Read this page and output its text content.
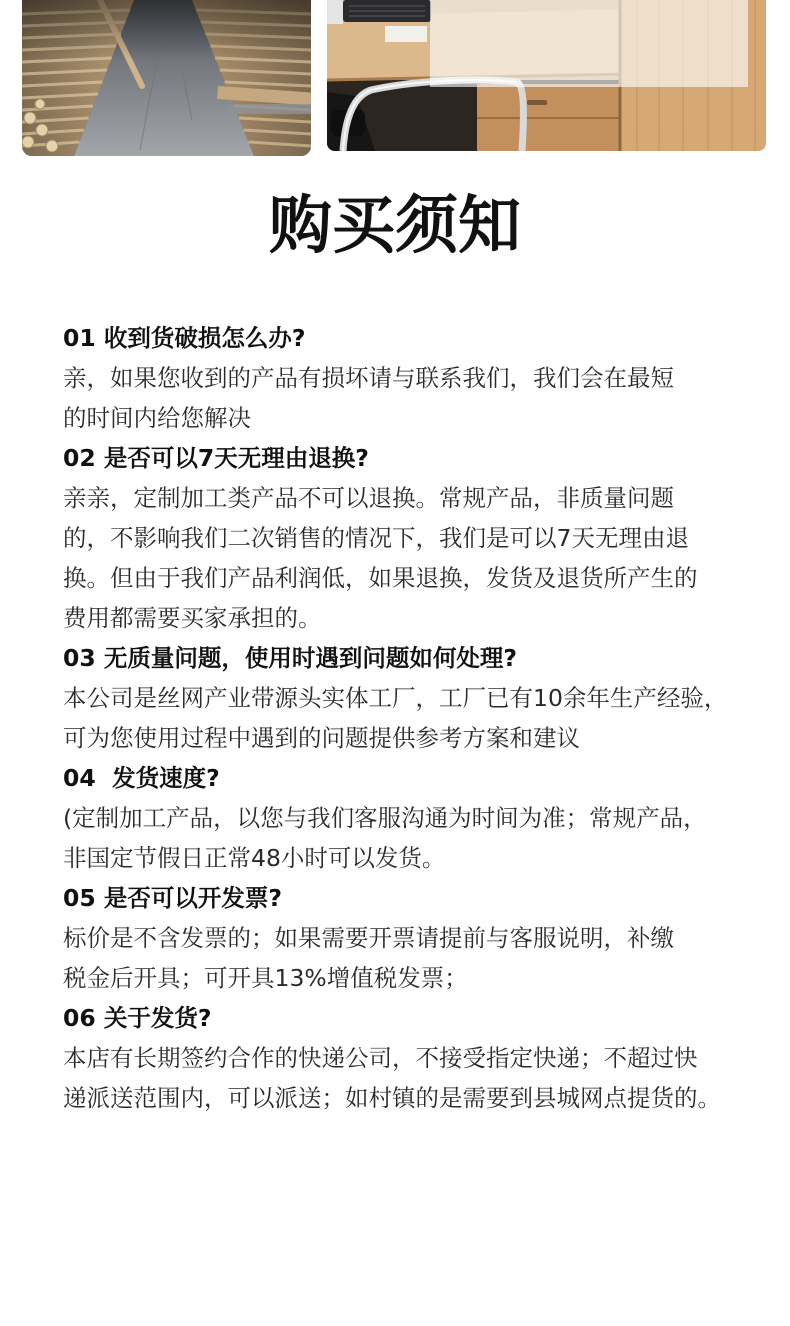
购买须知

01 收到货破损怎么办?

亲，如果您收到的产品有损坏请与联系我们，我们会在最短

的时间内给您解决

02 是否可以7天无理由退换?

亲亲，定制加工类产品不可以退换。常规产品，非质量问题

的，不影响我们二次销售的情况下，我们是可以7天无理由退

换。但由于我们产品利润低，如果退换，发货及退货所产生的

费用都需要买家承担的。

03 无质量问题，使用时遇到问题如何处理?

本公司是丝网产业带源头实体工厂，工厂已有10余年生产经验，

可为您使用过程中遇到的问题提供参考方案和建议

04  发货速度?

(定制加工产品，以您与我们客服沟通为时间为准；常规产品，

非国定节假日正常48小时可以发货。

05 是否可以开发票?

标价是不含发票的；如果需要开票请提前与客服说明，补缴

税金后开具；可开具13%增值税发票；

06 关于发货?

本店有长期签约合作的快递公司，不接受指定快递；不超过快

递派送范围内，可以派送；如村镇的是需要到县城网点提货的。
